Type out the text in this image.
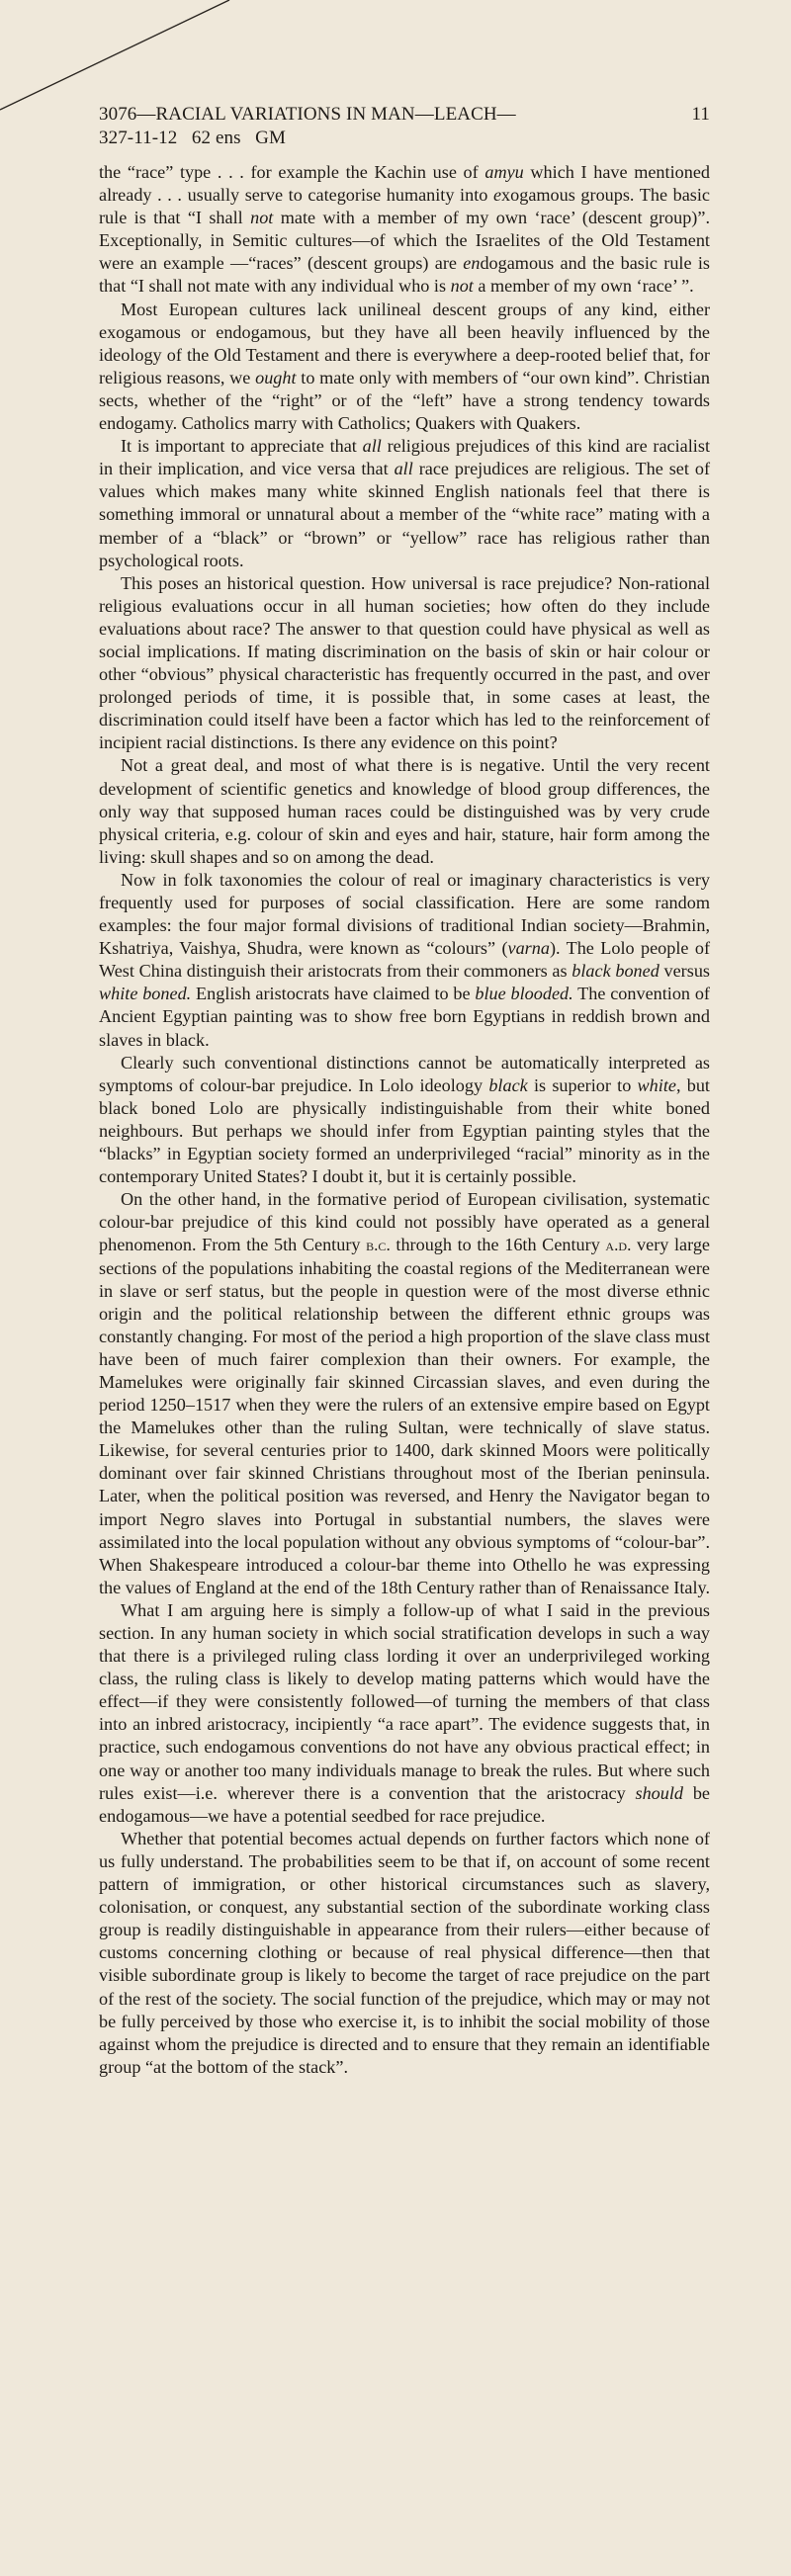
3076—RACIAL VARIATIONS IN MAN—LEACH—	11
327-11-12   62 ens   GM

the “race” type . . . for example the Kachin use of amyu which I have mentioned already . . . usually serve to categorise humanity into exogamous groups. The basic rule is that “I shall not mate with a member of my own ‘race’ (descent group)”. Exceptionally, in Semitic cultures—of which the Israelites of the Old Testament were an example —“races” (descent groups) are endogamous and the basic rule is that “I shall not mate with any individual who is not a member of my own ‘race’ ”.

Most European cultures lack unilineal descent groups of any kind, either exogamous or endogamous, but they have all been heavily influenced by the ideology of the Old Testament and there is everywhere a deep-rooted belief that, for religious reasons, we ought to mate only with members of “our own kind”. Christian sects, whether of the “right” or of the “left” have a strong tendency towards endogamy. Catholics marry with Catholics; Quakers with Quakers.

It is important to appreciate that all religious prejudices of this kind are racialist in their implication, and vice versa that all race prejudices are religious. The set of values which makes many white skinned English nationals feel that there is something immoral or unnatural about a member of the “white race” mating with a member of a “black” or “brown” or “yellow” race has religious rather than psychological roots.

This poses an historical question. How universal is race prejudice? Non-rational religious evaluations occur in all human societies; how often do they include evaluations about race? The answer to that question could have physical as well as social implications. If mating discrimination on the basis of skin or hair colour or other “obvious” physical characteristic has frequently occurred in the past, and over prolonged periods of time, it is possible that, in some cases at least, the discrimination could itself have been a factor which has led to the reinforcement of incipient racial distinctions. Is there any evidence on this point?

Not a great deal, and most of what there is is negative. Until the very recent development of scientific genetics and knowledge of blood group differences, the only way that supposed human races could be distinguished was by very crude physical criteria, e.g. colour of skin and eyes and hair, stature, hair form among the living: skull shapes and so on among the dead.

Now in folk taxonomies the colour of real or imaginary characteristics is very frequently used for purposes of social classification. Here are some random examples: the four major formal divisions of traditional Indian society—Brahmin, Kshatriya, Vaishya, Shudra, were known as “colours” (varna). The Lolo people of West China distinguish their aristocrats from their commoners as black boned versus white boned. English aristocrats have claimed to be blue blooded. The convention of Ancient Egyptian painting was to show free born Egyptians in reddish brown and slaves in black.

Clearly such conventional distinctions cannot be automatically interpreted as symptoms of colour-bar prejudice. In Lolo ideology black is superior to white, but black boned Lolo are physically indistinguishable from their white boned neighbours. But perhaps we should infer from Egyptian painting styles that the “blacks” in Egyptian society formed an underprivileged “racial” minority as in the contemporary United States? I doubt it, but it is certainly possible.

On the other hand, in the formative period of European civilisation, systematic colour-bar prejudice of this kind could not possibly have operated as a general phenomenon. From the 5th Century b.c. through to the 16th Century a.d. very large sections of the populations inhabiting the coastal regions of the Mediterranean were in slave or serf status, but the people in question were of the most diverse ethnic origin and the political relationship between the different ethnic groups was constantly changing. For most of the period a high proportion of the slave class must have been of much fairer complexion than their owners. For example, the Mamelukes were originally fair skinned Circassian slaves, and even during the period 1250–1517 when they were the rulers of an extensive empire based on Egypt the Mamelukes other than the ruling Sultan, were technically of slave status. Likewise, for several centuries prior to 1400, dark skinned Moors were politically dominant over fair skinned Christians throughout most of the Iberian peninsula. Later, when the political position was reversed, and Henry the Navigator began to import Negro slaves into Portugal in substantial numbers, the slaves were assimilated into the local population without any obvious symptoms of “colour-bar”. When Shakespeare introduced a colour-bar theme into Othello he was expressing the values of England at the end of the 18th Century rather than of Renaissance Italy.

What I am arguing here is simply a follow-up of what I said in the previous section. In any human society in which social stratification develops in such a way that there is a privileged ruling class lording it over an underprivileged working class, the ruling class is likely to develop mating patterns which would have the effect—if they were consistently followed—of turning the members of that class into an inbred aristocracy, incipiently “a race apart”. The evidence suggests that, in practice, such endogamous conventions do not have any obvious practical effect; in one way or another too many individuals manage to break the rules. But where such rules exist—i.e. wherever there is a convention that the aristocracy should be endogamous—we have a potential seedbed for race prejudice.

Whether that potential becomes actual depends on further factors which none of us fully understand. The probabilities seem to be that if, on account of some recent pattern of immigration, or other historical circumstances such as slavery, colonisation, or conquest, any substantial section of the subordinate working class group is readily distinguishable in appearance from their rulers—either because of customs concerning clothing or because of real physical difference—then that visible subordinate group is likely to become the target of race prejudice on the part of the rest of the society. The social function of the prejudice, which may or may not be fully perceived by those who exercise it, is to inhibit the social mobility of those against whom the prejudice is directed and to ensure that they remain an identifiable group “at the bottom of the stack”.
